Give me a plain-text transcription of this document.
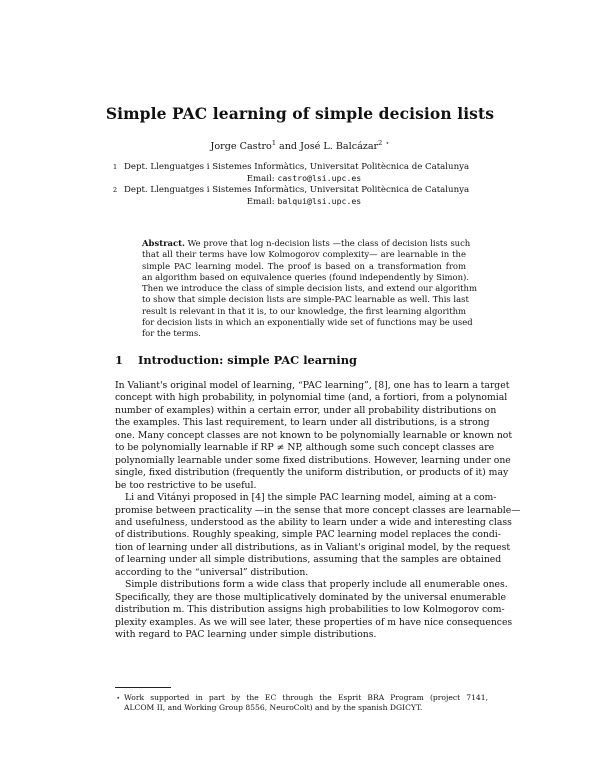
Simple PAC learning of simple decision lists
Jorge Castro$^1$ and José L. Balcázar$^2$ ⋆
1 Dept. Llenguatges i Sistemes Informàtics, Universitat Politècnica de Catalunya
Email: castro@lsi.upc.es
2 Dept. Llenguatges i Sistemes Informàtics, Universitat Politècnica de Catalunya
Email: balqui@lsi.upc.es
Abstract. We prove that log n-decision lists —the class of decision lists such
that all their terms have low Kolmogorov complexity— are learnable in the
simple PAC learning model. The proof is based on a transformation from
an algorithm based on equivalence queries (found independently by Simon).
Then we introduce the class of simple decision lists, and extend our algorithm
to show that simple decision lists are simple-PAC learnable as well. This last
result is relevant in that it is, to our knowledge, the first learning algorithm
for decision lists in which an exponentially wide set of functions may be used
for the terms.
1 Introduction: simple PAC learning
In Valiant's original model of learning, “PAC learning”, [8], one has to learn a target
concept with high probability, in polynomial time (and, a fortiori, from a polynomial
number of examples) within a certain error, under all probability distributions on
the examples. This last requirement, to learn under all distributions, is a strong
one. Many concept classes are not known to be polynomially learnable or known not
to be polynomially learnable if RP ≠ NP, although some such concept classes are
polynomially learnable under some fixed distributions. However, learning under one
single, fixed distribution (frequently the uniform distribution, or products of it) may
be too restrictive to be useful.
Li and Vitányi proposed in [4] the simple PAC learning model, aiming at a com-
promise between practicality —in the sense that more concept classes are learnable—
and usefulness, understood as the ability to learn under a wide and interesting class
of distributions. Roughly speaking, simple PAC learning model replaces the condi-
tion of learning under all distributions, as in Valiant's original model, by the request
of learning under all simple distributions, assuming that the samples are obtained
according to the “universal” distribution.
Simple distributions form a wide class that properly include all enumerable ones.
Specifically, they are those multiplicatively dominated by the universal enumerable
distribution m. This distribution assigns high probabilities to low Kolmogorov com-
plexity examples. As we will see later, these properties of m have nice consequences
with regard to PAC learning under simple distributions.
⋆ Work supported in part by the EC through the Esprit BRA Program (project 7141,
ALCOM II, and Working Group 8556, NeuroColt) and by the spanish DGICYT.
